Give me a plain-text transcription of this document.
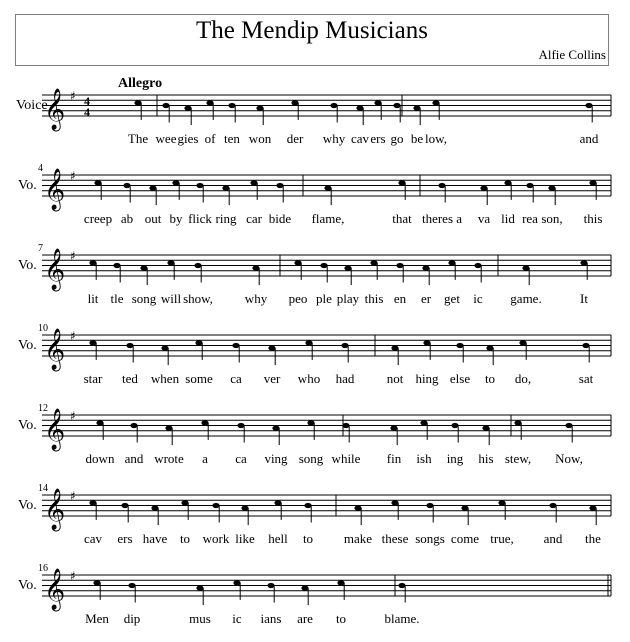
The Mendip Musicians
Alfie Collins
Allegro
𝄞 ♯ 4
4
Voice
The wee gies of ten won der why cav ers go be low,	and
𝄞 ♯
Vo.
4
creep ab out by flick ring car bide flame,	that theres a va lid rea son, this
𝄞 ♯
Vo.
7
lit tle song will show, why peo ple play this en er get ic game.	It
𝄞 ♯
Vo.
10
star ted when some ca ver who had not hing else to do,	sat
𝄞 ♯
Vo.
12
down and wrote a ca ving song while fin ish ing his stew, Now,
𝄞 ♯
Vo.
14
cav ers have to work like hell to make these songs come true, and the
𝄞 ♯
Vo.
16
Men dip	mus ic ians are to	blame.
